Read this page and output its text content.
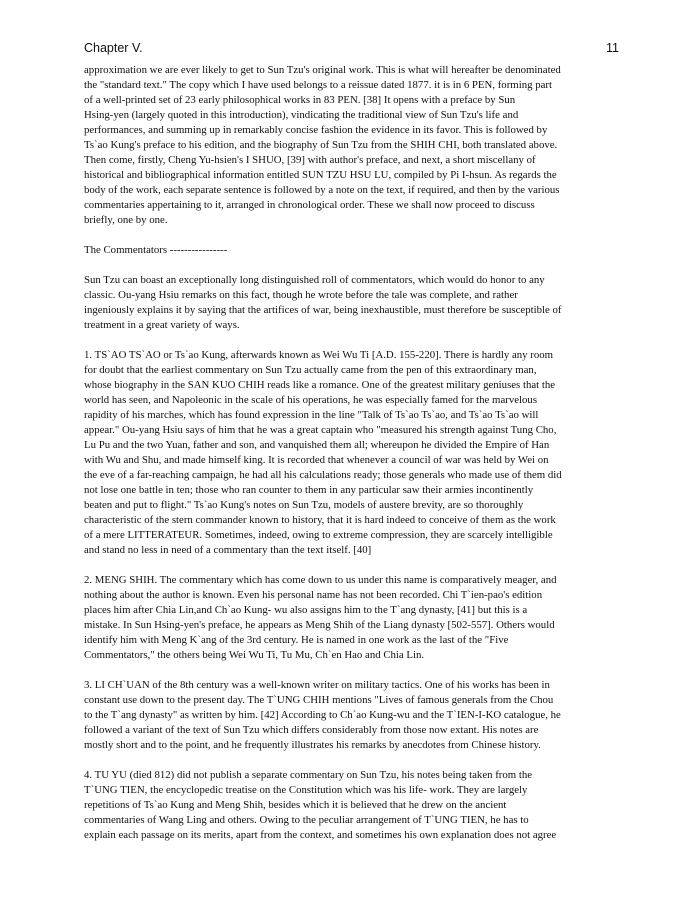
Chapter V.	11

approximation we are ever likely to get to Sun Tzu's original work. This is what will hereafter be denominated
the "standard text." The copy which I have used belongs to a reissue dated 1877. it is in 6 PEN, forming part
of a well-printed set of 23 early philosophical works in 83 PEN. [38] It opens with a preface by Sun
Hsing-yen (largely quoted in this introduction), vindicating the traditional view of Sun Tzu's life and
performances, and summing up in remarkably concise fashion the evidence in its favor. This is followed by
Ts`ao Kung's preface to his edition, and the biography of Sun Tzu from the SHIH CHI, both translated above.
Then come, firstly, Cheng Yu-hsien's I SHUO, [39] with author's preface, and next, a short miscellany of
historical and bibliographical information entitled SUN TZU HSU LU, compiled by Pi I-hsun. As regards the
body of the work, each separate sentence is followed by a note on the text, if required, and then by the various
commentaries appertaining to it, arranged in chronological order. These we shall now proceed to discuss
briefly, one by one.

The Commentators ----------------

Sun Tzu can boast an exceptionally long distinguished roll of commentators, which would do honor to any
classic. Ou-yang Hsiu remarks on this fact, though he wrote before the tale was complete, and rather
ingeniously explains it by saying that the artifices of war, being inexhaustible, must therefore be susceptible of
treatment in a great variety of ways.

1. TS`AO TS`AO or Ts`ao Kung, afterwards known as Wei Wu Ti [A.D. 155-220]. There is hardly any room
for doubt that the earliest commentary on Sun Tzu actually came from the pen of this extraordinary man,
whose biography in the SAN KUO CHIH reads like a romance. One of the greatest military geniuses that the
world has seen, and Napoleonic in the scale of his operations, he was especially famed for the marvelous
rapidity of his marches, which has found expression in the line "Talk of Ts`ao Ts`ao, and Ts`ao Ts`ao will
appear." Ou-yang Hsiu says of him that he was a great captain who "measured his strength against Tung Cho,
Lu Pu and the two Yuan, father and son, and vanquished them all; whereupon he divided the Empire of Han
with Wu and Shu, and made himself king. It is recorded that whenever a council of war was held by Wei on
the eve of a far-reaching campaign, he had all his calculations ready; those generals who made use of them did
not lose one battle in ten; those who ran counter to them in any particular saw their armies incontinently
beaten and put to flight." Ts`ao Kung's notes on Sun Tzu, models of austere brevity, are so thoroughly
characteristic of the stern commander known to history, that it is hard indeed to conceive of them as the work
of a mere LITTERATEUR. Sometimes, indeed, owing to extreme compression, they are scarcely intelligible
and stand no less in need of a commentary than the text itself. [40]

2. MENG SHIH. The commentary which has come down to us under this name is comparatively meager, and
nothing about the author is known. Even his personal name has not been recorded. Chi T`ien-pao's edition
places him after Chia Lin,and Ch`ao Kung- wu also assigns him to the T`ang dynasty, [41] but this is a
mistake. In Sun Hsing-yen's preface, he appears as Meng Shih of the Liang dynasty [502-557]. Others would
identify him with Meng K`ang of the 3rd century. He is named in one work as the last of the "Five
Commentators," the others being Wei Wu Ti, Tu Mu, Ch`en Hao and Chia Lin.

3. LI CH`UAN of the 8th century was a well-known writer on military tactics. One of his works has been in
constant use down to the present day. The T`UNG CHIH mentions "Lives of famous generals from the Chou
to the T`ang dynasty" as written by him. [42] According to Ch`ao Kung-wu and the T`IEN-I-KO catalogue, he
followed a variant of the text of Sun Tzu which differs considerably from those now extant. His notes are
mostly short and to the point, and he frequently illustrates his remarks by anecdotes from Chinese history.

4. TU YU (died 812) did not publish a separate commentary on Sun Tzu, his notes being taken from the
T`UNG TIEN, the encyclopedic treatise on the Constitution which was his life- work. They are largely
repetitions of Ts`ao Kung and Meng Shih, besides which it is believed that he drew on the ancient
commentaries of Wang Ling and others. Owing to the peculiar arrangement of T`UNG TIEN, he has to
explain each passage on its merits, apart from the context, and sometimes his own explanation does not agree
